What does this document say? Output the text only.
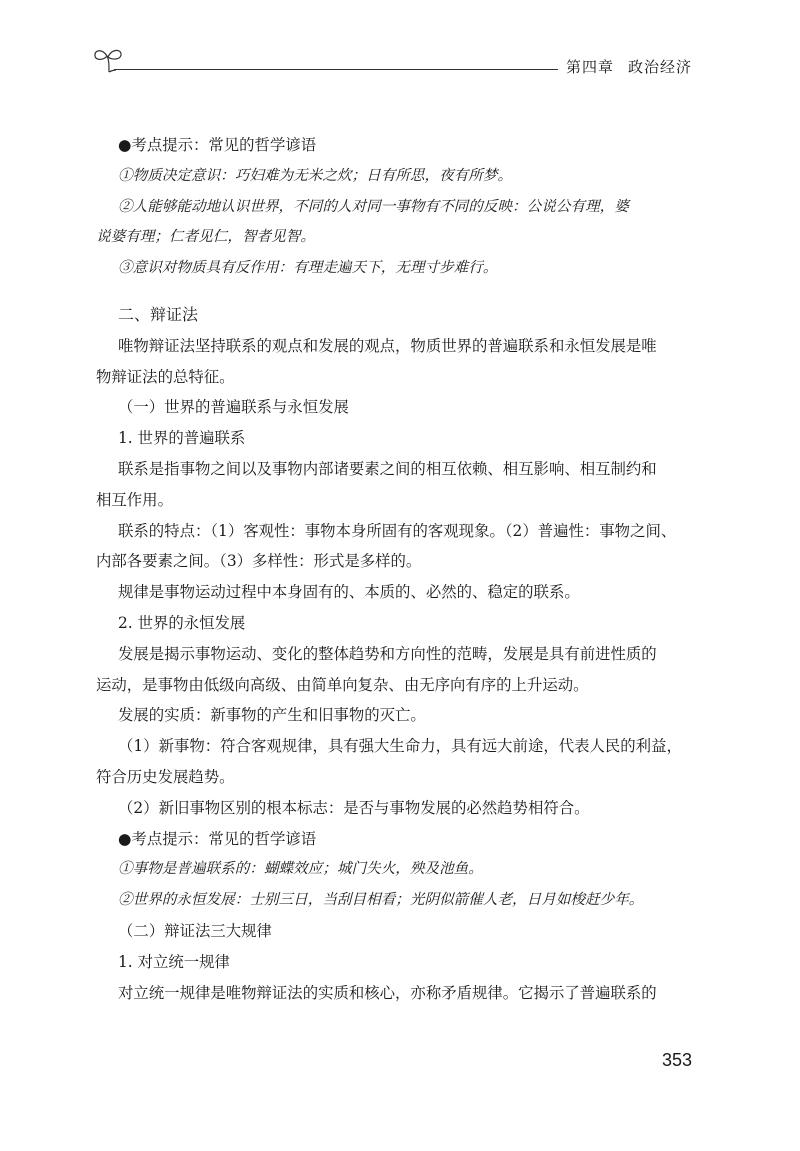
第四章 政治经济
●考点提示：常见的哲学谚语
①物质决定意识：巧妇难为无米之炊；日有所思，夜有所梦。
②人能够能动地认识世界，不同的人对同一事物有不同的反映：公说公有理，婆
说婆有理；仁者见仁，智者见智。
③意识对物质具有反作用：有理走遍天下，无理寸步难行。
二、辩证法
唯物辩证法坚持联系的观点和发展的观点，物质世界的普遍联系和永恒发展是唯
物辩证法的总特征。
（一）世界的普遍联系与永恒发展
1. 世界的普遍联系
联系是指事物之间以及事物内部诸要素之间的相互依赖、相互影响、相互制约和
相互作用。
联系的特点：（1）客观性：事物本身所固有的客观现象。（2）普遍性：事物之间、
内部各要素之间。（3）多样性：形式是多样的。
规律是事物运动过程中本身固有的、本质的、必然的、稳定的联系。
2. 世界的永恒发展
发展是揭示事物运动、变化的整体趋势和方向性的范畴，发展是具有前进性质的
运动，是事物由低级向高级、由简单向复杂、由无序向有序的上升运动。
发展的实质：新事物的产生和旧事物的灭亡。
（1）新事物：符合客观规律，具有强大生命力，具有远大前途，代表人民的利益，
符合历史发展趋势。
（2）新旧事物区别的根本标志：是否与事物发展的必然趋势相符合。
●考点提示：常见的哲学谚语
①事物是普遍联系的：蝴蝶效应；城门失火，殃及池鱼。
②世界的永恒发展：士别三日，当刮目相看；光阴似箭催人老，日月如梭赶少年。
（二）辩证法三大规律
1. 对立统一规律
对立统一规律是唯物辩证法的实质和核心，亦称矛盾规律。它揭示了普遍联系的
353
